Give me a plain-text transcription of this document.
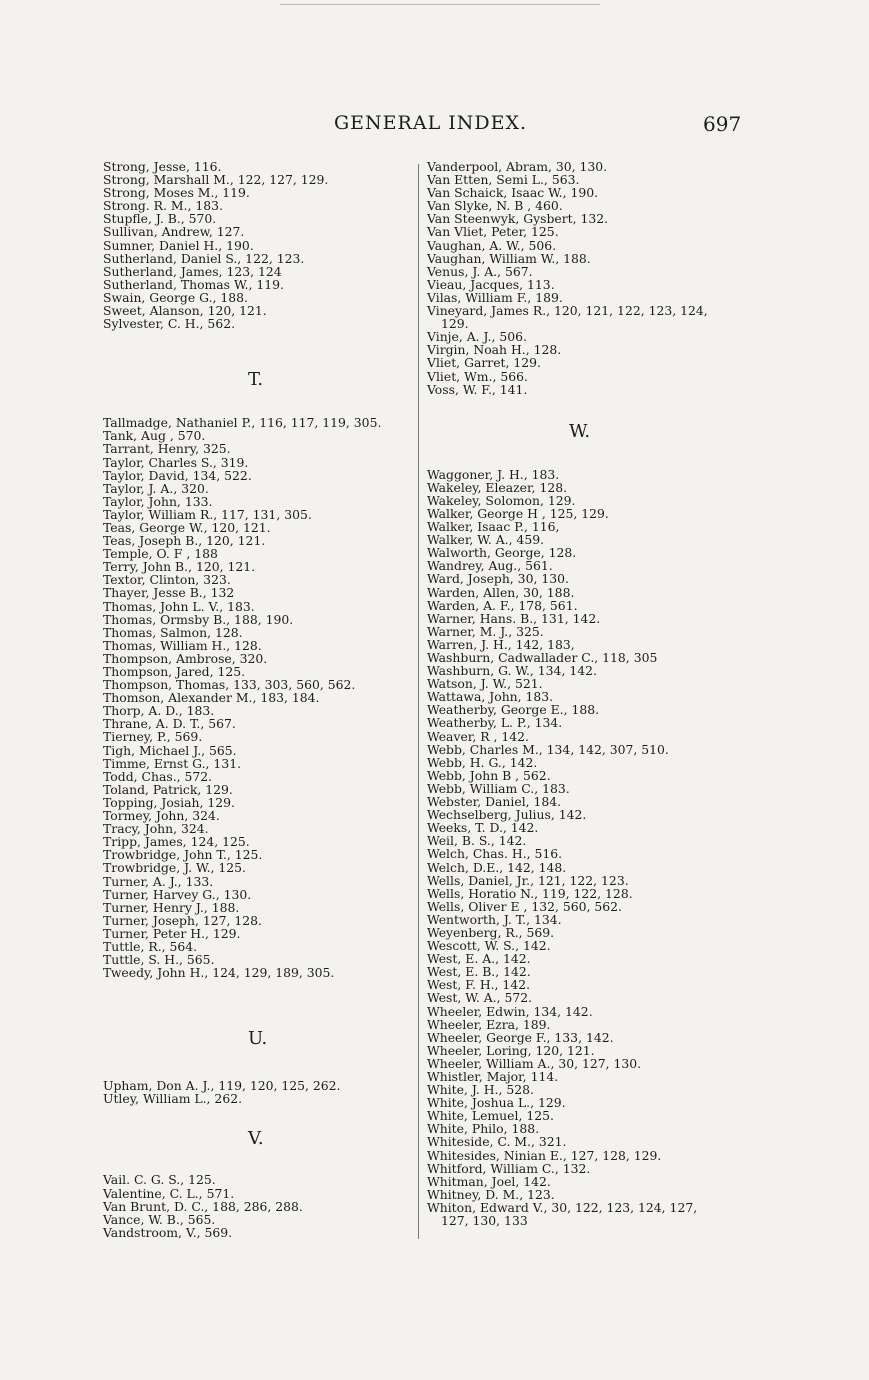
GENERAL INDEX.	697
Strong, Jesse, 116.
Strong, Marshall M., 122, 127, 129.
Strong, Moses M., 119.
Strong. R. M., 183.
Stupfle, J. B., 570.
Sullivan, Andrew, 127.
Sumner, Daniel H., 190.
Sutherland, Daniel S., 122, 123.
Sutherland, James, 123, 124
Sutherland, Thomas W., 119.
Swain, George G., 188.
Sweet, Alanson, 120, 121.
Sylvester, C. H., 562.
T.
Tallmadge, Nathaniel P., 116, 117, 119, 305.
Tank, Aug , 570.
Tarrant, Henry, 325.
Taylor, Charles S., 319.
Taylor, David, 134, 522.
Taylor, J. A., 320.
Taylor, John, 133.
Taylor, William R., 117, 131, 305.
Teas, George W., 120, 121.
Teas, Joseph B., 120, 121.
Temple, O. F , 188
Terry, John B., 120, 121.
Textor, Clinton, 323.
Thayer, Jesse B., 132
Thomas, John L. V., 183.
Thomas, Ormsby B., 188, 190.
Thomas, Salmon, 128.
Thomas, William H., 128.
Thompson, Ambrose, 320.
Thompson, Jared, 125.
Thompson, Thomas, 133, 303, 560, 562.
Thomson, Alexander M., 183, 184.
Thorp, A. D., 183.
Thrane, A. D. T., 567.
Tierney, P., 569.
Tigh, Michael J., 565.
Timme, Ernst G., 131.
Todd, Chas., 572.
Toland, Patrick, 129.
Topping, Josiah, 129.
Tormey, John, 324.
Tracy, John, 324.
Tripp, James, 124, 125.
Trowbridge, John T., 125.
Trowbridge, J. W., 125.
Turner, A. J., 133.
Turner, Harvey G., 130.
Turner, Henry J., 188.
Turner, Joseph, 127, 128.
Turner, Peter H., 129.
Tuttle, R., 564.
Tuttle, S. H., 565.
Tweedy, John H., 124, 129, 189, 305.
U.
Upham, Don A. J., 119, 120, 125, 262.
Utley, William L., 262.
V.
Vail. C. G. S., 125.
Valentine, C. L., 571.
Van Brunt, D. C., 188, 286, 288.
Vance, W. B., 565.
Vandstroom, V., 569.
Vanderpool, Abram, 30, 130.
Van Etten, Semi L., 563.
Van Schaick, Isaac W., 190.
Van Slyke, N. B , 460.
Van Steenwyk, Gysbert, 132.
Van Vliet, Peter, 125.
Vaughan, A. W., 506.
Vaughan, William W., 188.
Venus, J. A., 567.
Vieau, Jacques, 113.
Vilas, William F., 189.
Vineyard, James R., 120, 121, 122, 123, 124,
129.
Vinje, A. J., 506.
Virgin, Noah H., 128.
Vliet, Garret, 129.
Vliet, Wm., 566.
Voss, W. F., 141.
W.
Waggoner, J. H., 183.
Wakeley, Eleazer, 128.
Wakeley, Solomon, 129.
Walker, George H , 125, 129.
Walker, Isaac P., 116,
Walker, W. A., 459.
Walworth, George, 128.
Wandrey, Aug., 561.
Ward, Joseph, 30, 130.
Warden, Allen, 30, 188.
Warden, A. F., 178, 561.
Warner, Hans. B., 131, 142.
Warner, M. J., 325.
Warren, J. H., 142, 183,
Washburn, Cadwallader C., 118, 305
Washburn, G. W., 134, 142.
Watson, J. W., 521.
Wattawa, John, 183.
Weatherby, George E., 188.
Weatherby, L. P., 134.
Weaver, R , 142.
Webb, Charles M., 134, 142, 307, 510.
Webb, H. G., 142.
Webb, John B , 562.
Webb, William C., 183.
Webster, Daniel, 184.
Wechselberg, Julius, 142.
Weeks, T. D., 142.
Weil, B. S., 142.
Welch, Chas. H., 516.
Welch, D.E., 142, 148.
Wells, Daniel, Jr., 121, 122, 123.
Wells, Horatio N., 119, 122, 128.
Wells, Oliver E , 132, 560, 562.
Wentworth, J. T., 134.
Weyenberg, R., 569.
Wescott, W. S., 142.
West, E. A., 142.
West, E. B., 142.
West, F. H., 142.
West, W. A., 572.
Wheeler, Edwin, 134, 142.
Wheeler, Ezra, 189.
Wheeler, George F., 133, 142.
Wheeler, Loring, 120, 121.
Wheeler, William A., 30, 127, 130.
Whistler, Major, 114.
White, J. H., 528.
White, Joshua L., 129.
White, Lemuel, 125.
White, Philo, 188.
Whiteside, C. M., 321.
Whitesides, Ninian E., 127, 128, 129.
Whitford, William C., 132.
Whitman, Joel, 142.
Whitney, D. M., 123.
Whiton, Edward V., 30, 122, 123, 124, 127,
127, 130, 133
